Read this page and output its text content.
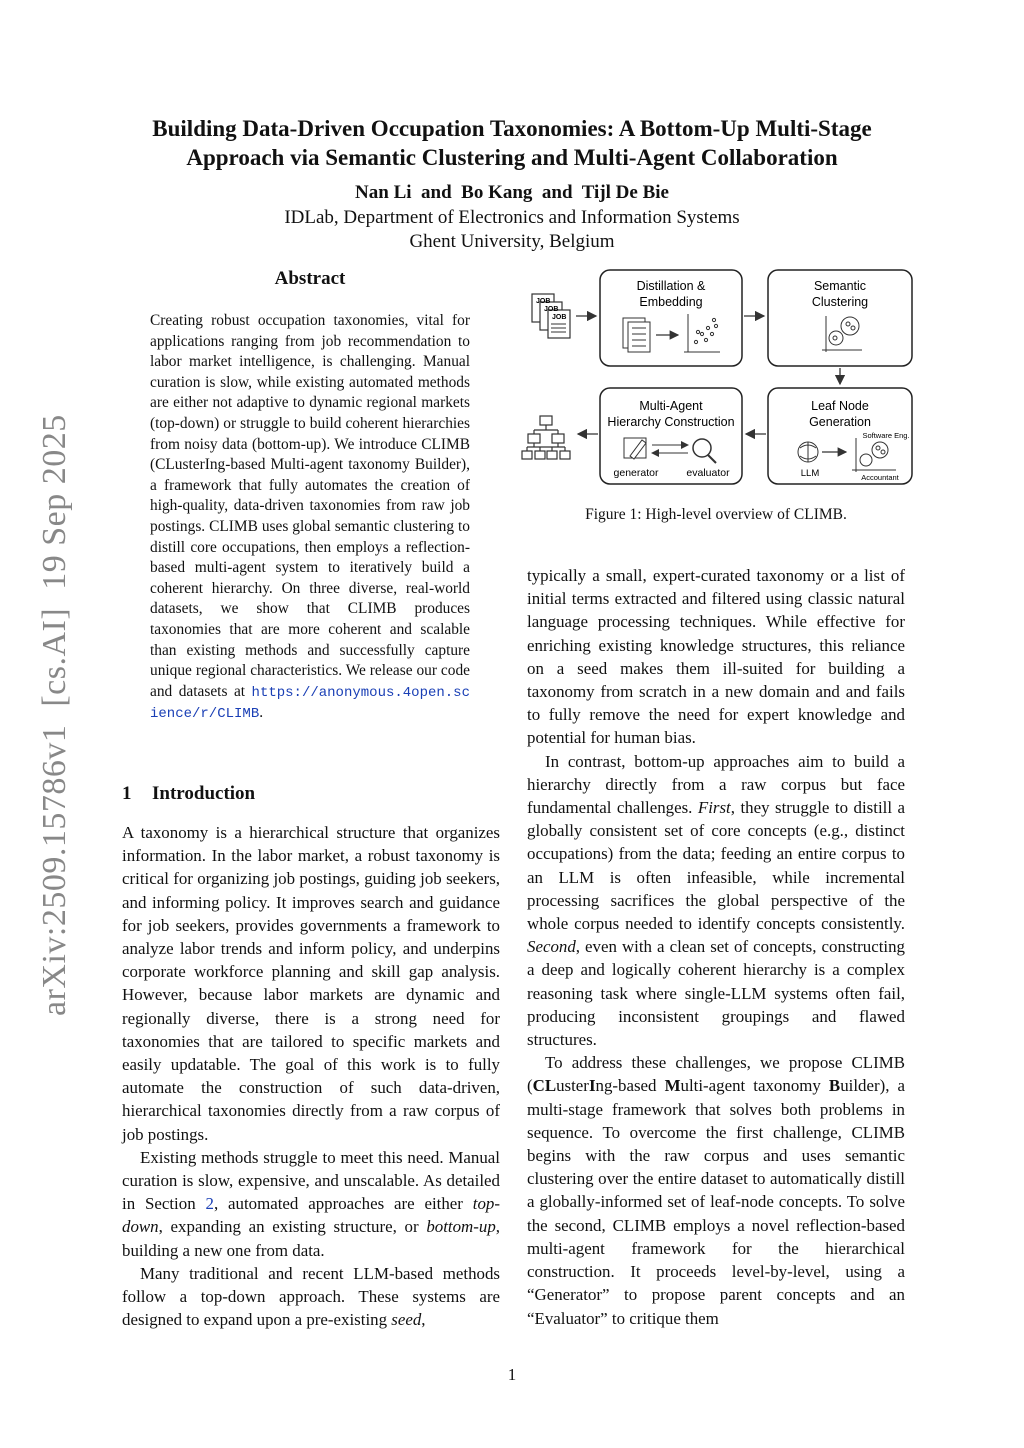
Building Data-Driven Occupation Taxonomies: A Bottom-Up Multi-Stage
Approach via Semantic Clustering and Multi-Agent Collaboration
Nan Li  and  Bo Kang  and  Tijl De Bie
IDLab, Department of Electronics and Information Systems
Ghent University, Belgium
arXiv:2509.15786v1  [cs.AI]  19 Sep 2025
Abstract
Creating robust occupation taxonomies, vital for applications ranging from job recommendation to labor market intelligence, is challenging. Manual curation is slow, while existing automated methods are either not adaptive to dynamic regional markets (top-down) or struggle to build coherent hierarchies from noisy data (bottom-up). We introduce CLIMB (CLusterIng-based Multi-agent taxonomy Builder), a framework that fully automates the creation of high-quality, data-driven taxonomies from raw job postings. CLIMB uses global semantic clustering to distill core occupations, then employs a reflection-based multi-agent system to iteratively build a coherent hierarchy. On three diverse, real-world datasets, we show that CLIMB produces taxonomies that are more coherent and scalable than existing methods and successfully capture unique regional characteristics. We release our code and datasets at https://anonymous.4open.science/r/CLIMB.
JOB
JOB
JOB
Distillation &
Embedding
Semantic
Clustering
Leaf Node
Generation
Software Eng.
LLM	Accountant
Multi-Agent
Hierarchy Construction
generator	evaluator
Figure 1: High-level overview of CLIMB.
1 Introduction

A taxonomy is a hierarchical structure that organizes information. In the labor market, a robust taxonomy is critical for organizing job postings, guiding job seekers, and informing policy. It improves search and guidance for job seekers, provides governments a framework to analyze labor trends and inform policy, and underpins corporate workforce planning and skill gap analysis. However, because labor markets are dynamic and regionally diverse, there is a strong need for taxonomies that are tailored to specific markets and easily updatable. The goal of this work is to fully automate the construction of such data-driven, hierarchical taxonomies directly from a raw corpus of job postings.

Existing methods struggle to meet this need. Manual curation is slow, expensive, and unscalable. As detailed in Section 2, automated approaches are either top-down, expanding an existing structure, or bottom-up, building a new one from data.

Many traditional and recent LLM-based methods follow a top-down approach. These systems are designed to expand upon a pre-existing seed,

typically a small, expert-curated taxonomy or a list of initial terms extracted and filtered using classic natural language processing techniques. While effective for enriching existing knowledge structures, this reliance on a seed makes them ill-suited for building a taxonomy from scratch in a new domain and and fails to fully remove the need for expert knowledge and potential for human bias.

In contrast, bottom-up approaches aim to build a hierarchy directly from a raw corpus but face fundamental challenges. First, they struggle to distill a globally consistent set of core concepts (e.g., distinct occupations) from the data; feeding an entire corpus to an LLM is often infeasible, while incremental processing sacrifices the global perspective of the whole corpus needed to identify concepts consistently. Second, even with a clean set of concepts, constructing a deep and logically coherent hierarchy is a complex reasoning task where single-LLM systems often fail, producing inconsistent groupings and flawed structures.

To address these challenges, we propose CLIMB (CLusterIng-based Multi-agent taxonomy Builder), a multi-stage framework that solves both problems in sequence. To overcome the first challenge, CLIMB begins with the raw corpus and uses semantic clustering over the entire dataset to automatically distill a globally-informed set of leaf-node concepts. To solve the second, CLIMB employs a novel reflection-based multi-agent framework for the hierarchical construction. It proceeds level-by-level, using a “Generator” to propose parent concepts and an “Evaluator” to critique them

1
